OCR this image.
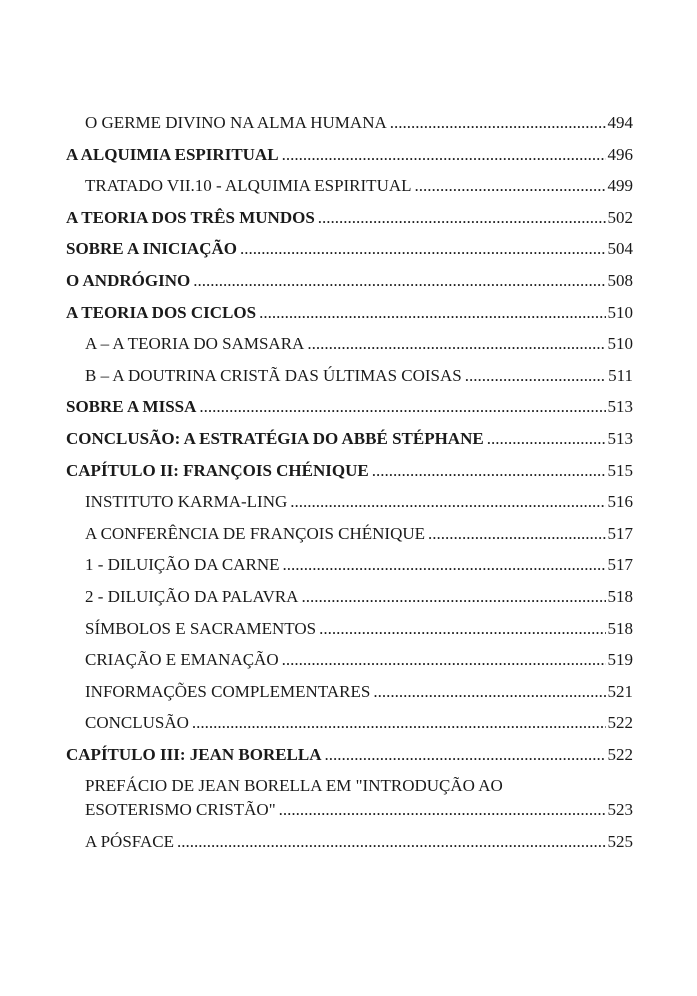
O GERME DIVINO NA ALMA HUMANA .....	494
A ALQUIMIA ESPIRITUAL .....	496
TRATADO VII.10 - ALQUIMIA ESPIRITUAL .....	499
A TEORIA DOS TRÊS MUNDOS .....	502
SOBRE A INICIAÇÃO .....	504
O ANDRÓGINO .....	508
A TEORIA DOS CICLOS .....	510
A – A TEORIA DO SAMSARA .....	510
B – A DOUTRINA CRISTÃ DAS ÚLTIMAS COISAS .....	511
SOBRE A MISSA .....	513
CONCLUSÃO: A ESTRATÉGIA DO ABBÉ STÉPHANE .....	513
CAPÍTULO II: FRANÇOIS CHÉNIQUE .....	515
INSTITUTO KARMA-LING .....	516
A CONFERÊNCIA DE FRANÇOIS CHÉNIQUE .....	517
1 - DILUIÇÃO DA CARNE .....	517
2 - DILUIÇÃO DA PALAVRA .....	518
SÍMBOLOS E SACRAMENTOS .....	518
CRIAÇÃO E EMANAÇÃO .....	519
INFORMAÇÕES COMPLEMENTARES .....	521
CONCLUSÃO .....	522
CAPÍTULO III: JEAN BORELLA .....	522
PREFÁCIO DE JEAN BORELLA EM "INTRODUÇÃO AO
ESOTERISMO CRISTÃO" .....	523
A PÓSFACE .....	525
